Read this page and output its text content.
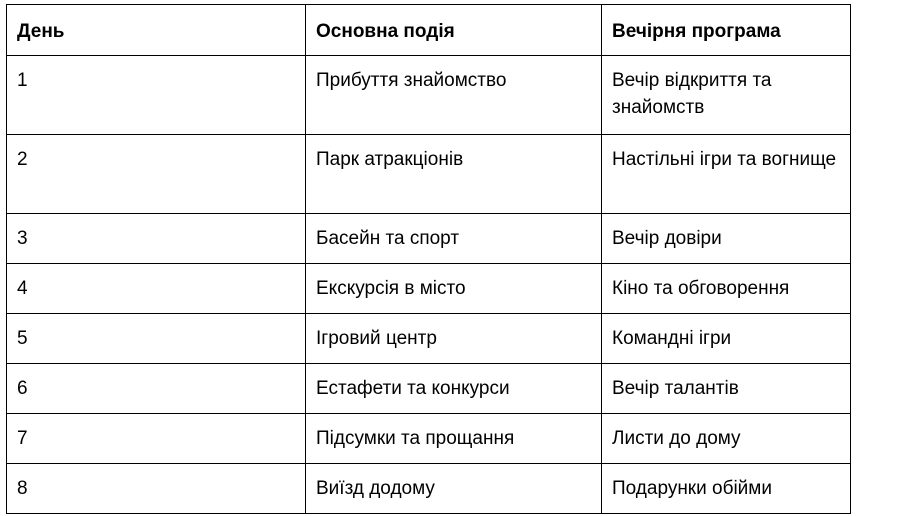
День	Основна подія	Вечірня програма
1	Прибуття знайомство	Вечір відкриття та знайомств
2	Парк атракціонів	Настільні ігри та вогнище
3	Басейн та спорт	Вечір довіри
4	Екскурсія в місто	Кіно та обговорення
5	Ігровий центр	Командні ігри
6	Естафети та конкурси	Вечір талантів
7	Підсумки та прощання	Листи до дому
8	Виїзд додому	Подарунки обійми
